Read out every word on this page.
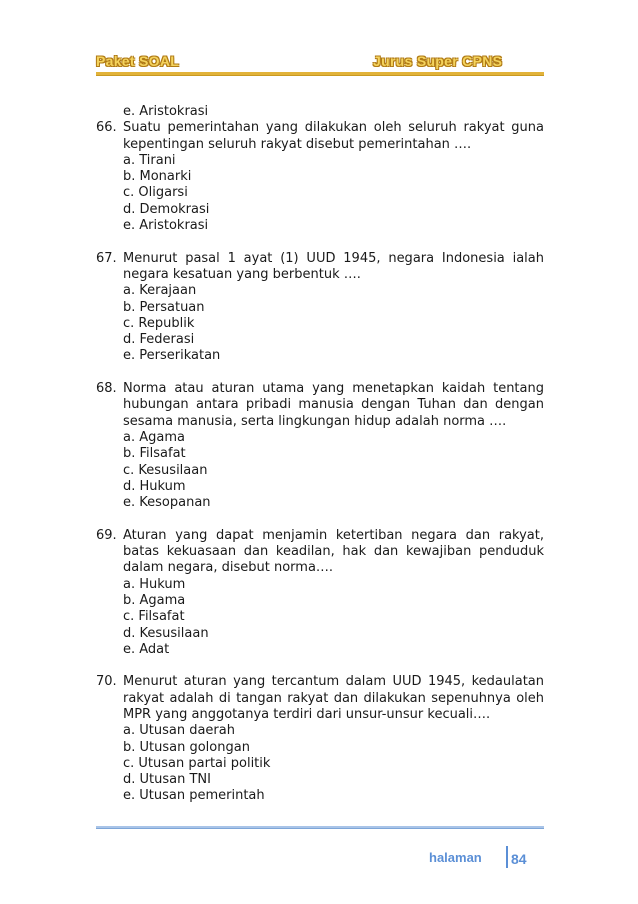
Paket SOAL	Jurus Super CPNS
e. Aristokrasi
66. Suatu pemerintahan yang dilakukan oleh seluruh rakyat guna kepentingan seluruh rakyat disebut pemerintahan ….
a. Tirani
b. Monarki
c. Oligarsi
d. Demokrasi
e. Aristokrasi
67. Menurut pasal 1 ayat (1) UUD 1945, negara Indonesia ialah negara kesatuan yang berbentuk ….
a. Kerajaan
b. Persatuan
c. Republik
d. Federasi
e. Perserikatan
68. Norma atau aturan utama yang menetapkan kaidah tentang hubungan antara pribadi manusia dengan Tuhan dan dengan sesama manusia, serta lingkungan hidup adalah norma ….
a. Agama
b. Filsafat
c. Kesusilaan
d. Hukum
e. Kesopanan
69. Aturan yang dapat menjamin ketertiban negara dan rakyat, batas kekuasaan dan keadilan, hak dan kewajiban penduduk dalam negara, disebut norma….
a. Hukum
b. Agama
c. Filsafat
d. Kesusilaan
e. Adat
70. Menurut aturan yang tercantum dalam UUD 1945, kedaulatan rakyat adalah di tangan rakyat dan dilakukan sepenuhnya oleh MPR yang anggotanya terdiri dari unsur-unsur kecuali….
a. Utusan daerah
b. Utusan golongan
c. Utusan partai politik
d. Utusan TNI
e. Utusan pemerintah
halaman 84
